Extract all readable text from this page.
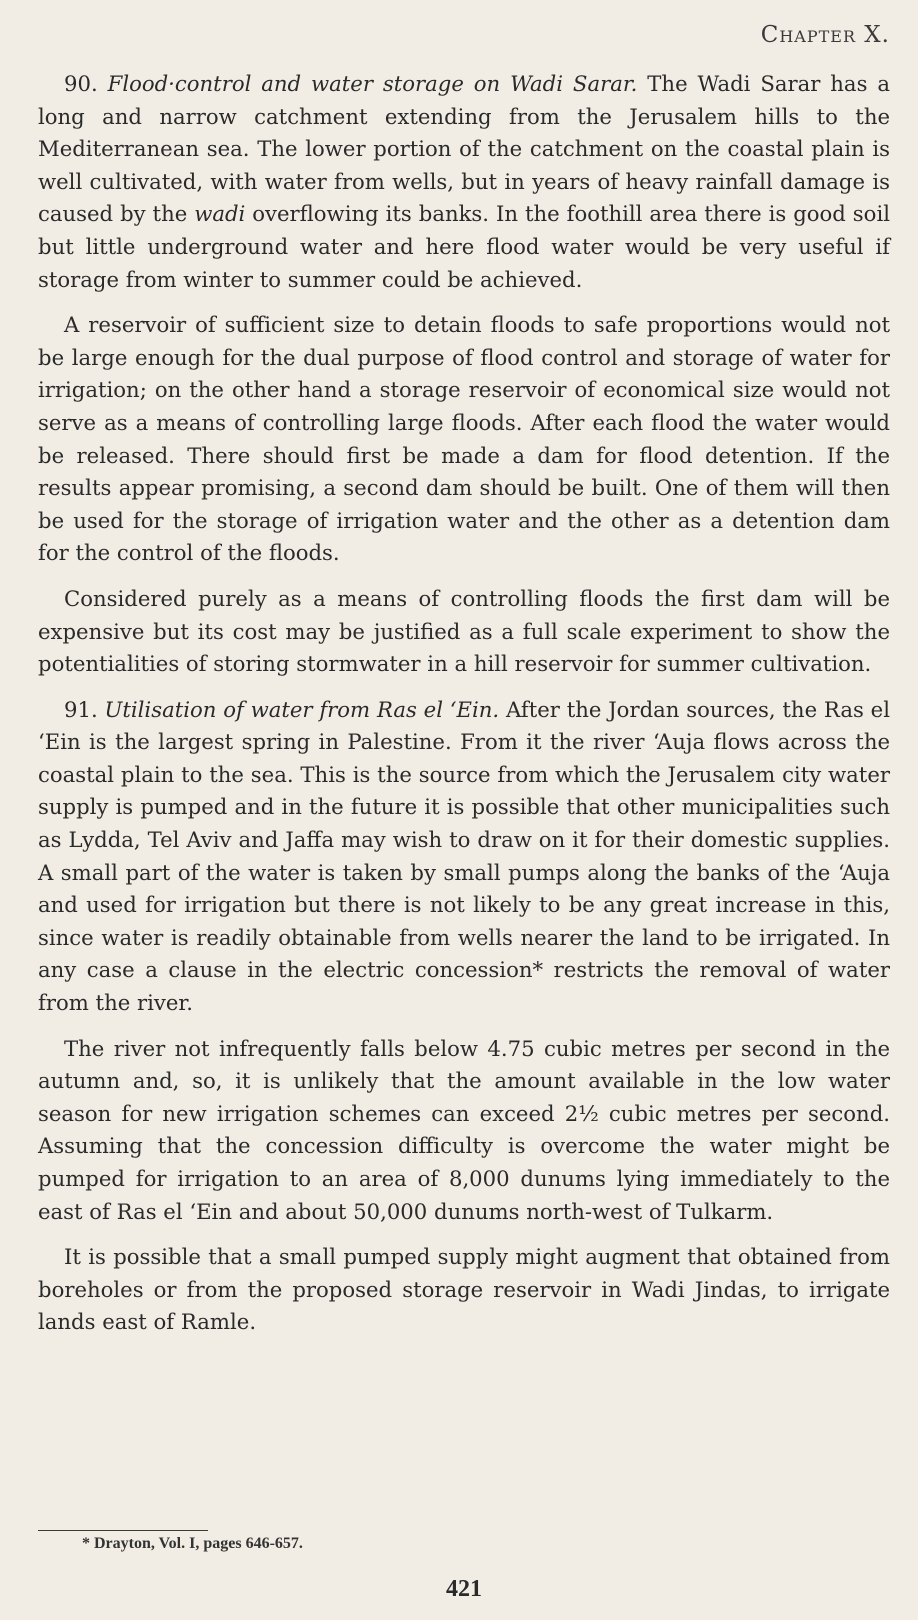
Chapter X.

90. Flood·control and water storage on Wadi Sarar. The Wadi Sarar has a long and narrow catchment extending from the Jerusalem hills to the Mediterranean sea. The lower portion of the catchment on the coastal plain is well cultivated, with water from wells, but in years of heavy rainfall damage is caused by the wadi overflowing its banks. In the foothill area there is good soil but little underground water and here flood water would be very useful if storage from winter to summer could be achieved.

A reservoir of sufficient size to detain floods to safe proportions would not be large enough for the dual purpose of flood control and storage of water for irrigation; on the other hand a storage reservoir of economical size would not serve as a means of controlling large floods. After each flood the water would be released. There should first be made a dam for flood detention. If the results appear promising, a second dam should be built. One of them will then be used for the storage of irrigation water and the other as a detention dam for the control of the floods.

Considered purely as a means of controlling floods the first dam will be expensive but its cost may be justified as a full scale experiment to show the potentialities of storing stormwater in a hill reservoir for summer cultivation.

91. Utilisation of water from Ras el ‘Ein. After the Jordan sources, the Ras el ‘Ein is the largest spring in Palestine. From it the river ‘Auja flows across the coastal plain to the sea. This is the source from which the Jerusalem city water supply is pumped and in the future it is possible that other municipalities such as Lydda, Tel Aviv and Jaffa may wish to draw on it for their domestic supplies. A small part of the water is taken by small pumps along the banks of the ‘Auja and used for irrigation but there is not likely to be any great increase in this, since water is readily obtainable from wells nearer the land to be irrigated. In any case a clause in the electric concession* restricts the removal of water from the river.

The river not infrequently falls below 4.75 cubic metres per second in the autumn and, so, it is unlikely that the amount available in the low water season for new irrigation schemes can exceed 2½ cubic metres per second. Assuming that the concession difficulty is overcome the water might be pumped for irrigation to an area of 8,000 dunums lying immediately to the east of Ras el ‘Ein and about 50,000 dunums north-west of Tulkarm.

It is possible that a small pumped supply might augment that obtained from boreholes or from the proposed storage reservoir in Wadi Jindas, to irrigate lands east of Ramle.

* Drayton, Vol. I, pages 646-657.
421
